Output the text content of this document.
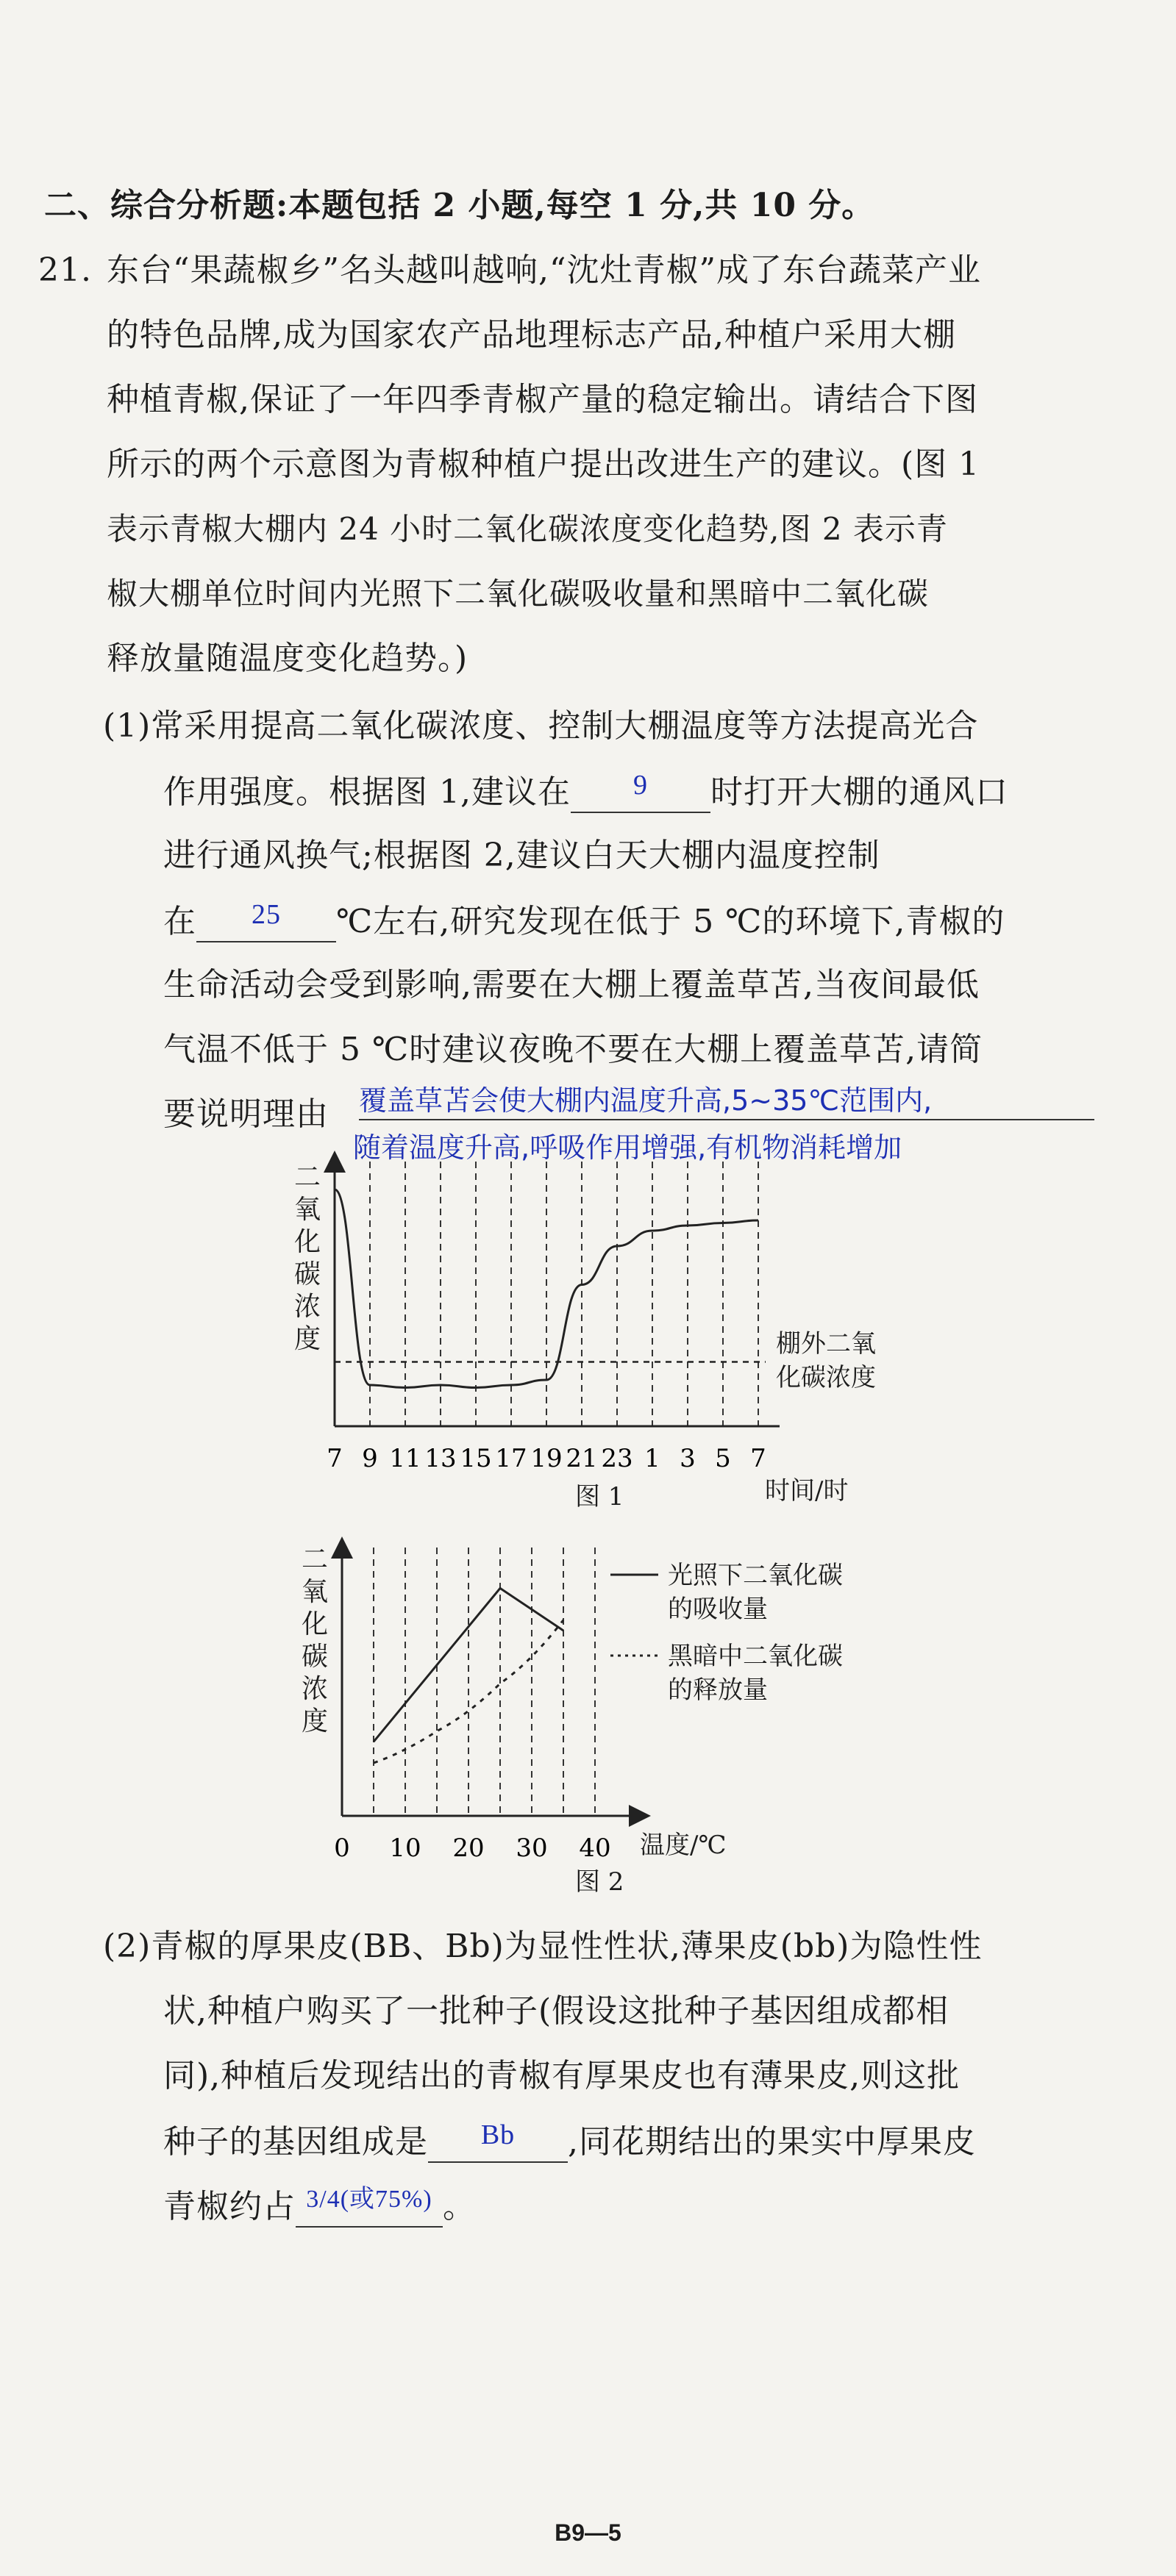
二、综合分析题:本题包括 2 小题,每空 1 分,共 10 分。
21. 东台“果蔬椒乡”名头越叫越响,“沈灶青椒”成了东台蔬菜产业
的特色品牌,成为国家农产品地理标志产品,种植户采用大棚
种植青椒,保证了一年四季青椒产量的稳定输出。请结合下图
所示的两个示意图为青椒种植户提出改进生产的建议。(图 1
表示青椒大棚内 24 小时二氧化碳浓度变化趋势,图 2 表示青
椒大棚单位时间内光照下二氧化碳吸收量和黑暗中二氧化碳
释放量随温度变化趋势。)
(1)常采用提高二氧化碳浓度、控制大棚温度等方法提高光合
作用强度。根据图 1,建议在	9	时打开大棚的通风口
进行通风换气;根据图 2,建议白天大棚内温度控制
在	25	℃左右,研究发现在低于 5 ℃的环境下,青椒的
生命活动会受到影响,需要在大棚上覆盖草苫,当夜间最低
气温不低于 5 ℃时建议夜晚不要在大棚上覆盖草苫,请简
要说明理由 覆盖草苫会使大棚内温度升高,5~35℃范围内,
随着温度升高,呼吸作用增强,有机物消耗增加
7 9 11 13 15 17 19 21 23 1 3 5 7
二氧化碳浓度
时间/时
棚外二氧
化碳浓度
图 1
0 10 20 30 40
二氧化碳浓度
温度/℃
光照下二氧化碳
的吸收量
黑暗中二氧化碳
的释放量
图 2
(2)青椒的厚果皮(BB、Bb)为显性性状,薄果皮(bb)为隐性性
状,种植户购买了一批种子(假设这批种子基因组成都相
同),种植后发现结出的青椒有厚果皮也有薄果皮,则这批
种子的基因组成是	Bb	,同花期结出的果实中厚果皮
青椒约占 3/4(或75%) 。
B9—5
